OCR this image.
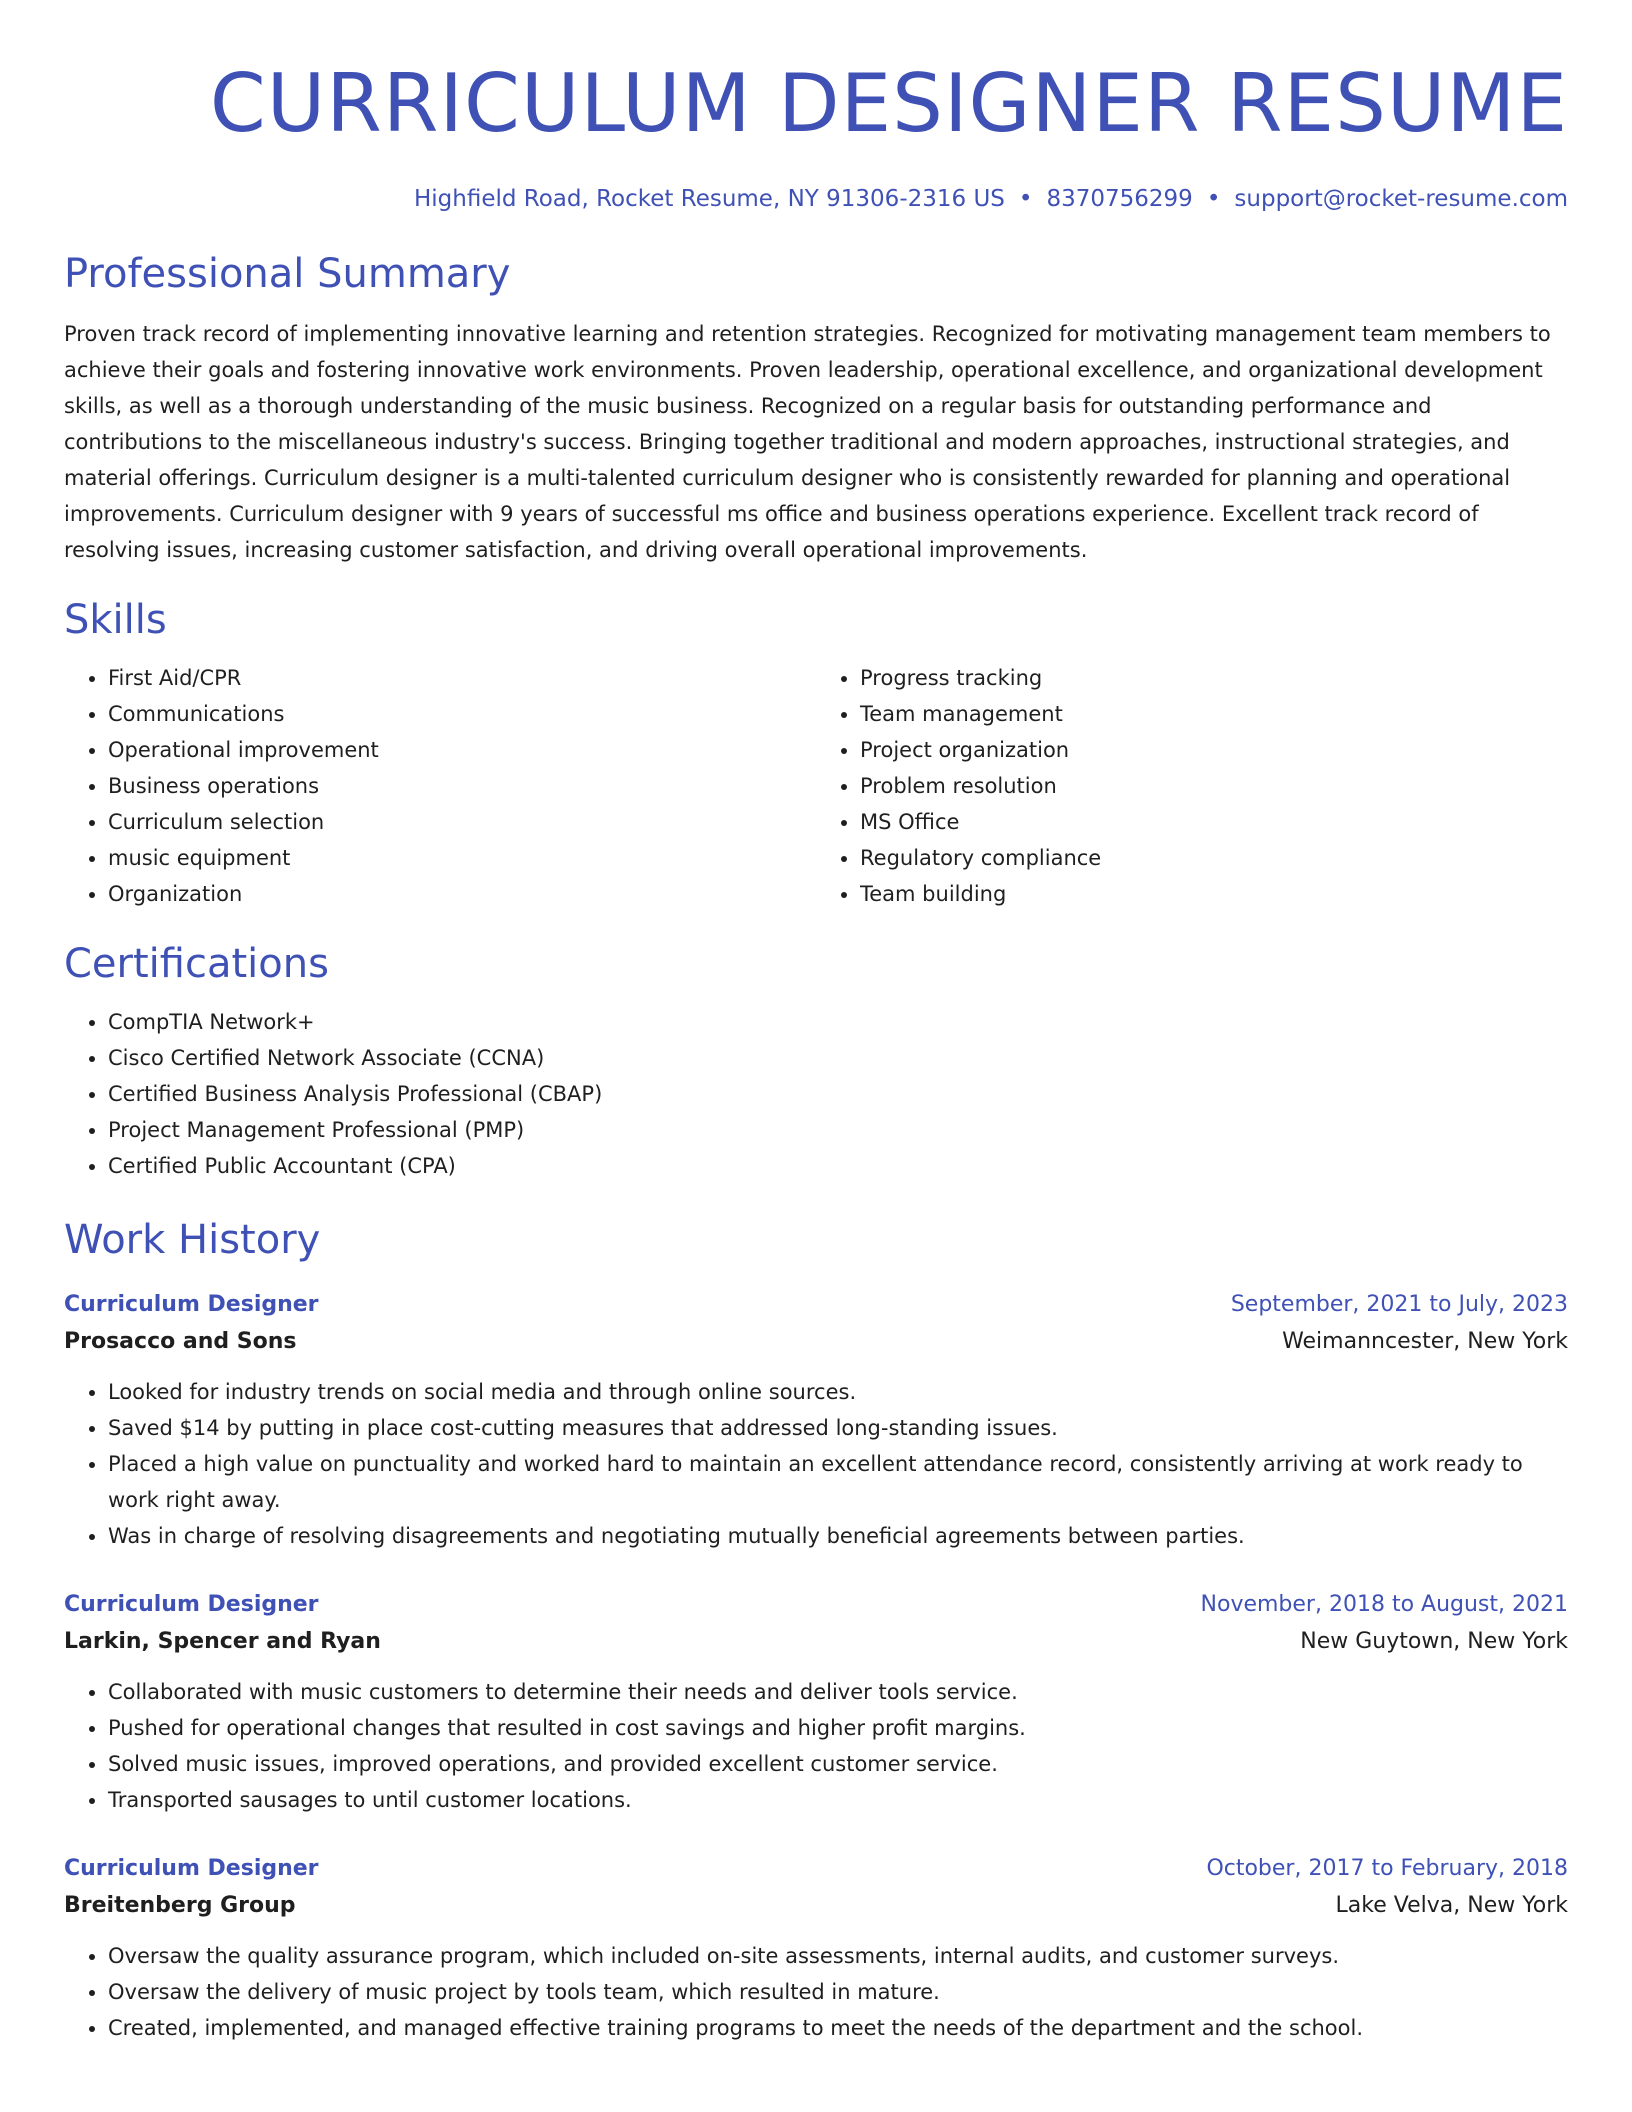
CURRICULUM DESIGNER RESUME
Highfield Road, Rocket Resume, NY 91306-2316 US • 8370756299 • support@rocket-resume.com
Professional Summary

Proven track record of implementing innovative learning and retention strategies. Recognized for motivating management team members to achieve their goals and fostering innovative work environments. Proven leadership, operational excellence, and organizational development skills, as well as a thorough understanding of the music business. Recognized on a regular basis for outstanding performance and contributions to the miscellaneous industry's success. Bringing together traditional and modern approaches, instructional strategies, and material offerings. Curriculum designer is a multi-talented curriculum designer who is consistently rewarded for planning and operational improvements. Curriculum designer with 9 years of successful ms office and business operations experience. Excellent track record of resolving issues, increasing customer satisfaction, and driving overall operational improvements.

Skills
• First Aid/CPR
• Communications
• Operational improvement
• Business operations
• Curriculum selection
• music equipment
• Organization
• Progress tracking
• Team management
• Project organization
• Problem resolution
• MS Office
• Regulatory compliance
• Team building
Certifications
• CompTIA Network+
• Cisco Certified Network Associate (CCNA)
• Certified Business Analysis Professional (CBAP)
• Project Management Professional (PMP)
• Certified Public Accountant (CPA)
Work History
Curriculum Designer	September, 2021 to July, 2023
Prosacco and Sons	Weimanncester, New York
• Looked for industry trends on social media and through online sources.
• Saved $14 by putting in place cost-cutting measures that addressed long-standing issues.
• Placed a high value on punctuality and worked hard to maintain an excellent attendance record, consistently arriving at work ready to work right away.
• Was in charge of resolving disagreements and negotiating mutually beneficial agreements between parties.
Curriculum Designer	November, 2018 to August, 2021
Larkin, Spencer and Ryan	New Guytown, New York
• Collaborated with music customers to determine their needs and deliver tools service.
• Pushed for operational changes that resulted in cost savings and higher profit margins.
• Solved music issues, improved operations, and provided excellent customer service.
• Transported sausages to until customer locations.
Curriculum Designer	October, 2017 to February, 2018
Breitenberg Group	Lake Velva, New York
• Oversaw the quality assurance program, which included on-site assessments, internal audits, and customer surveys.
• Oversaw the delivery of music project by tools team, which resulted in mature.
• Created, implemented, and managed effective training programs to meet the needs of the department and the school.
